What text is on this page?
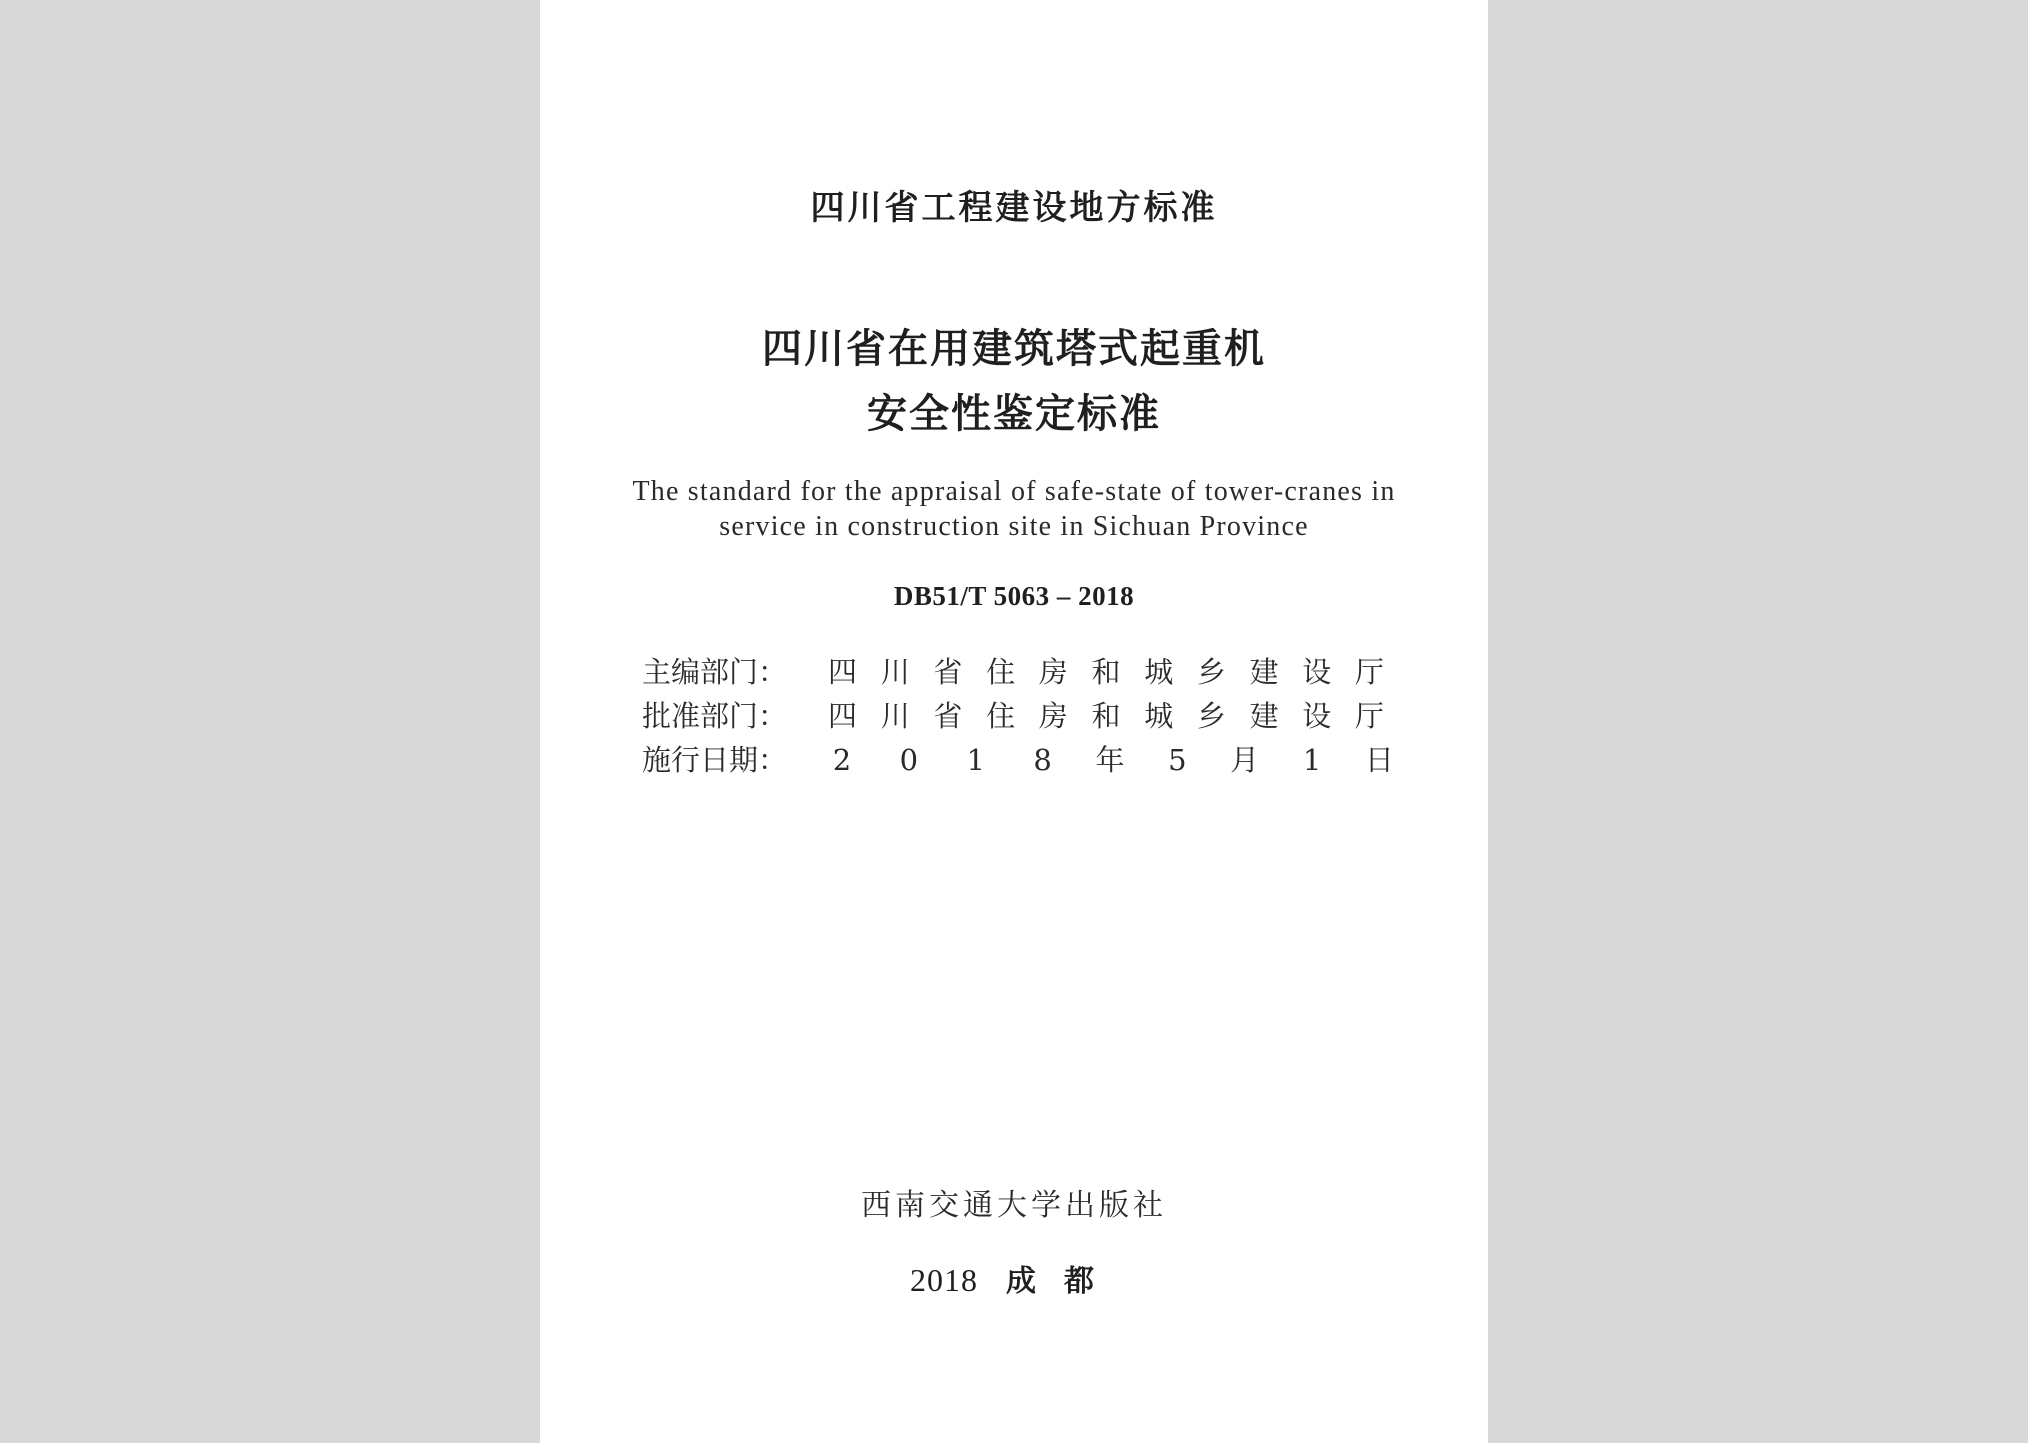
四川省工程建设地方标准
四川省在用建筑塔式起重机
安全性鉴定标准
The standard for the appraisal of safe-state of tower-cranes in
service in construction site in Sichuan Province
DB51/T 5063 – 2018
主编部门： 四川省住房和城乡建设厅
批准部门： 四川省住房和城乡建设厅
施行日期： 2 0 1 8 年 5 月 1 日
西南交通大学出版社
2018 成都
